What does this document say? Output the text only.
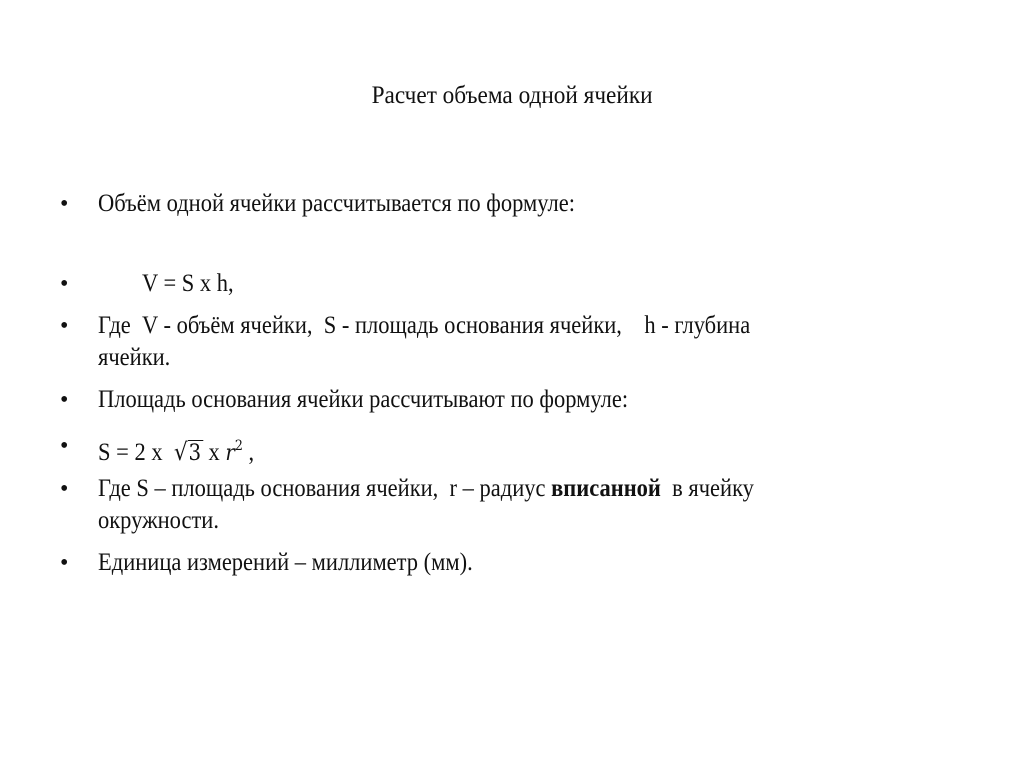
Расчет объема одной ячейки
• Объём одной ячейки рассчитывается по формуле:
•	V = S x h,
• Где  V - объём ячейки,  S - площадь основания ячейки,    h - глубина
ячейки.
• Площадь основания ячейки рассчитывают по формуле:
• S = 2 x  √3 x $r^2$ ,
• Где S – площадь основания ячейки,  r – радиус вписанной  в ячейку
окружности.
• Единица измерений – миллиметр (мм).
